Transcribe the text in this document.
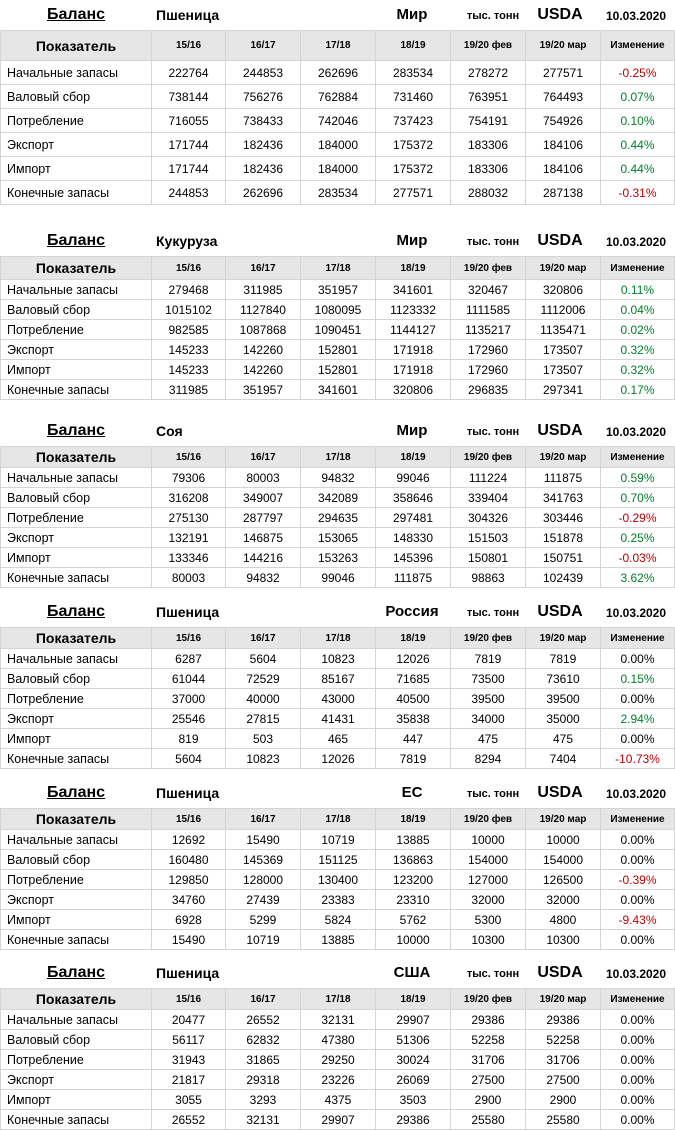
Баланс	Пшеница	Мир	тыс. тонн	USDA	10.03.2020
Показатель	15/16	16/17	17/18	18/19	19/20 фев	19/20 мар	Изменение
Начальные запасы	222764	244853	262696	283534	278272	277571	-0.25%
Валовый сбор	738144	756276	762884	731460	763951	764493	0.07%
Потребление	716055	738433	742046	737423	754191	754926	0.10%
Экспорт	171744	182436	184000	175372	183306	184106	0.44%
Импорт	171744	182436	184000	175372	183306	184106	0.44%
Конечные запасы	244853	262696	283534	277571	288032	287138	-0.31%
Баланс	Кукуруза	Мир	тыс. тонн	USDA	10.03.2020
Показатель	15/16	16/17	17/18	18/19	19/20 фев	19/20 мар	Изменение
Начальные запасы	279468	311985	351957	341601	320467	320806	0.11%
Валовый сбор	1015102	1127840	1080095	1123332	1111585	1112006	0.04%
Потребление	982585	1087868	1090451	1144127	1135217	1135471	0.02%
Экспорт	145233	142260	152801	171918	172960	173507	0.32%
Импорт	145233	142260	152801	171918	172960	173507	0.32%
Конечные запасы	311985	351957	341601	320806	296835	297341	0.17%
Баланс	Соя	Мир	тыс. тонн	USDA	10.03.2020
Показатель	15/16	16/17	17/18	18/19	19/20 фев	19/20 мар	Изменение
Начальные запасы	79306	80003	94832	99046	111224	111875	0.59%
Валовый сбор	316208	349007	342089	358646	339404	341763	0.70%
Потребление	275130	287797	294635	297481	304326	303446	-0.29%
Экспорт	132191	146875	153065	148330	151503	151878	0.25%
Импорт	133346	144216	153263	145396	150801	150751	-0.03%
Конечные запасы	80003	94832	99046	111875	98863	102439	3.62%
Баланс	Пшеница	Россия	тыс. тонн	USDA	10.03.2020
Показатель	15/16	16/17	17/18	18/19	19/20 фев	19/20 мар	Изменение
Начальные запасы	6287	5604	10823	12026	7819	7819	0.00%
Валовый сбор	61044	72529	85167	71685	73500	73610	0.15%
Потребление	37000	40000	43000	40500	39500	39500	0.00%
Экспорт	25546	27815	41431	35838	34000	35000	2.94%
Импорт	819	503	465	447	475	475	0.00%
Конечные запасы	5604	10823	12026	7819	8294	7404	-10.73%
Баланс	Пшеница	ЕС	тыс. тонн	USDA	10.03.2020
Показатель	15/16	16/17	17/18	18/19	19/20 фев	19/20 мар	Изменение
Начальные запасы	12692	15490	10719	13885	10000	10000	0.00%
Валовый сбор	160480	145369	151125	136863	154000	154000	0.00%
Потребление	129850	128000	130400	123200	127000	126500	-0.39%
Экспорт	34760	27439	23383	23310	32000	32000	0.00%
Импорт	6928	5299	5824	5762	5300	4800	-9.43%
Конечные запасы	15490	10719	13885	10000	10300	10300	0.00%
Баланс	Пшеница	США	тыс. тонн	USDA	10.03.2020
Показатель	15/16	16/17	17/18	18/19	19/20 фев	19/20 мар	Изменение
Начальные запасы	20477	26552	32131	29907	29386	29386	0.00%
Валовый сбор	56117	62832	47380	51306	52258	52258	0.00%
Потребление	31943	31865	29250	30024	31706	31706	0.00%
Экспорт	21817	29318	23226	26069	27500	27500	0.00%
Импорт	3055	3293	4375	3503	2900	2900	0.00%
Конечные запасы	26552	32131	29907	29386	25580	25580	0.00%
